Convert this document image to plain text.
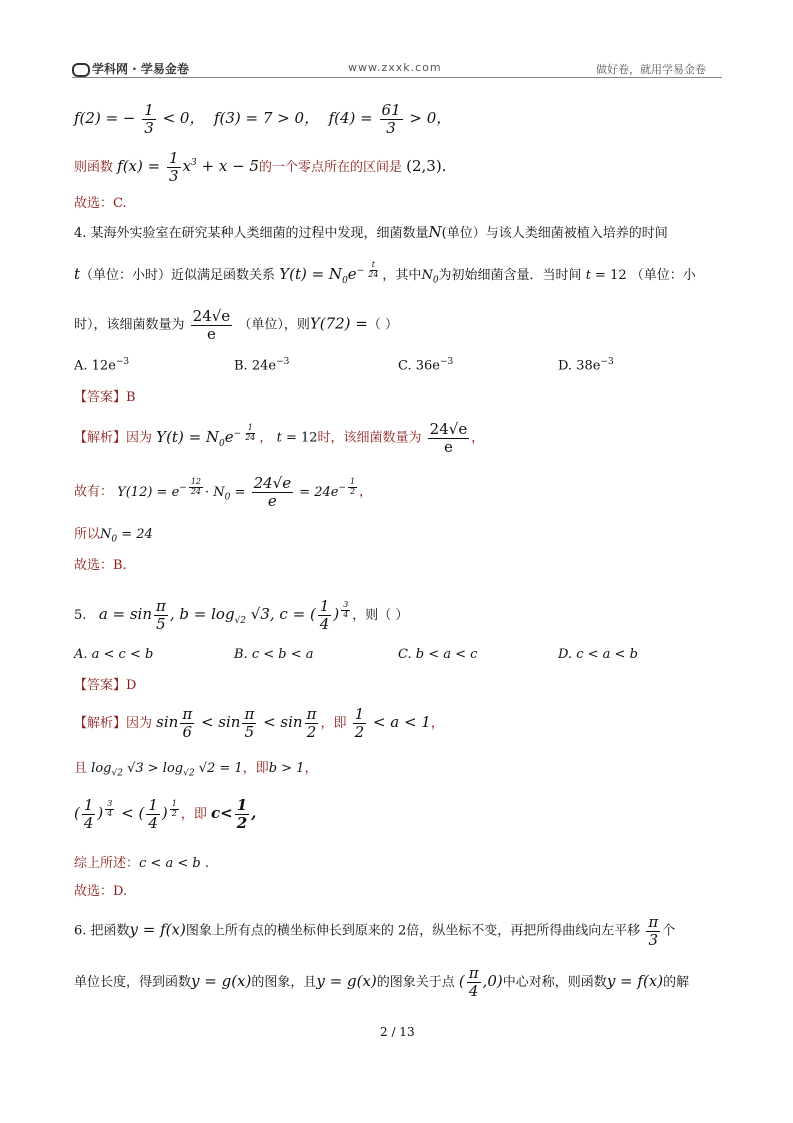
学科网 · 学易金卷	www.zxxk.com	做好卷，就用学易金卷
f(2) = − $\frac{1}{3} < 0$，  f(3) = 7 > 0，  $f(4) = \frac{61}{3} > 0$，
则函数 $f(x) = \frac{1}{3} x^3 + x - 5$的一个零点所在的区间是 (2,3).
故选：C.
4. 某海外实验室在研究某种人类细菌的过程中发现，细菌数量N(单位）与该人类细菌被植入培养的时间
t（单位：小时）近似满足函数关系 $Y(t) = N_0e^{- \frac{t}{24}}$ ，其中$N_0$为初始细菌含量．当时间 t = 12 （单位：小
时），该细菌数量为 $\frac{24√e}{e}$ （单位），则Y(72) =（ ）
A. $12e^{-3}$	B. $24e^{-3}$	C. $36e^{-3}$	D. $38e^{-3}$
【答案】B
【解析】因为 $Y(t) = N_0e^{- \frac{1}{24}}$ ， t = 12时，该细菌数量为 $\frac{24√e}{e}$ ，
故有： $Y(12) = e^{- \frac{12}{24}} \cdot N_0 = \frac{24√e}{e} = 24e^{- \frac{1}{2}}$ ，
所以$N_0 = 24$
故选：B.
5. $a = \sin \frac{\pi}{5}$ , $b = \log_{√2} √3$, c = ( $\frac{1}{4}$ ) $^{\frac{3}{4}}$ ，则（ ）
A. a < c < b	B. c < b < a	C. b < a < c	D. c < a < b
【答案】D
【解析】因为 $\sin \frac{\pi}{6} < \sin \frac{\pi}{5} < \sin \frac{\pi}{2}$ ，即 $\frac{1}{2} < a < 1$，
且 $\log_{√2} √3 > \log_{√2} √2 = 1$，即b > 1，
( $\frac{1}{4}$ ) $^{\frac{3}{4}}$ < ( $\frac{1}{4}$ ) $^{\frac{1}{2}}$ ，即 $c< \frac{1}{2}$ ,
综上所述：c < a < b .
故选：D.
6. 把函数y = f(x)图象上所有点的横坐标伸长到原来的 2倍，纵坐标不变，再把所得曲线向左平移 $\frac{\pi}{3}$ 个
单位长度，得到函数y = g(x)的图象，且y = g(x)的图象关于点 ( $\frac{\pi}{4} ,0$)中心对称，则函数y = f(x)的解
2 / 13
